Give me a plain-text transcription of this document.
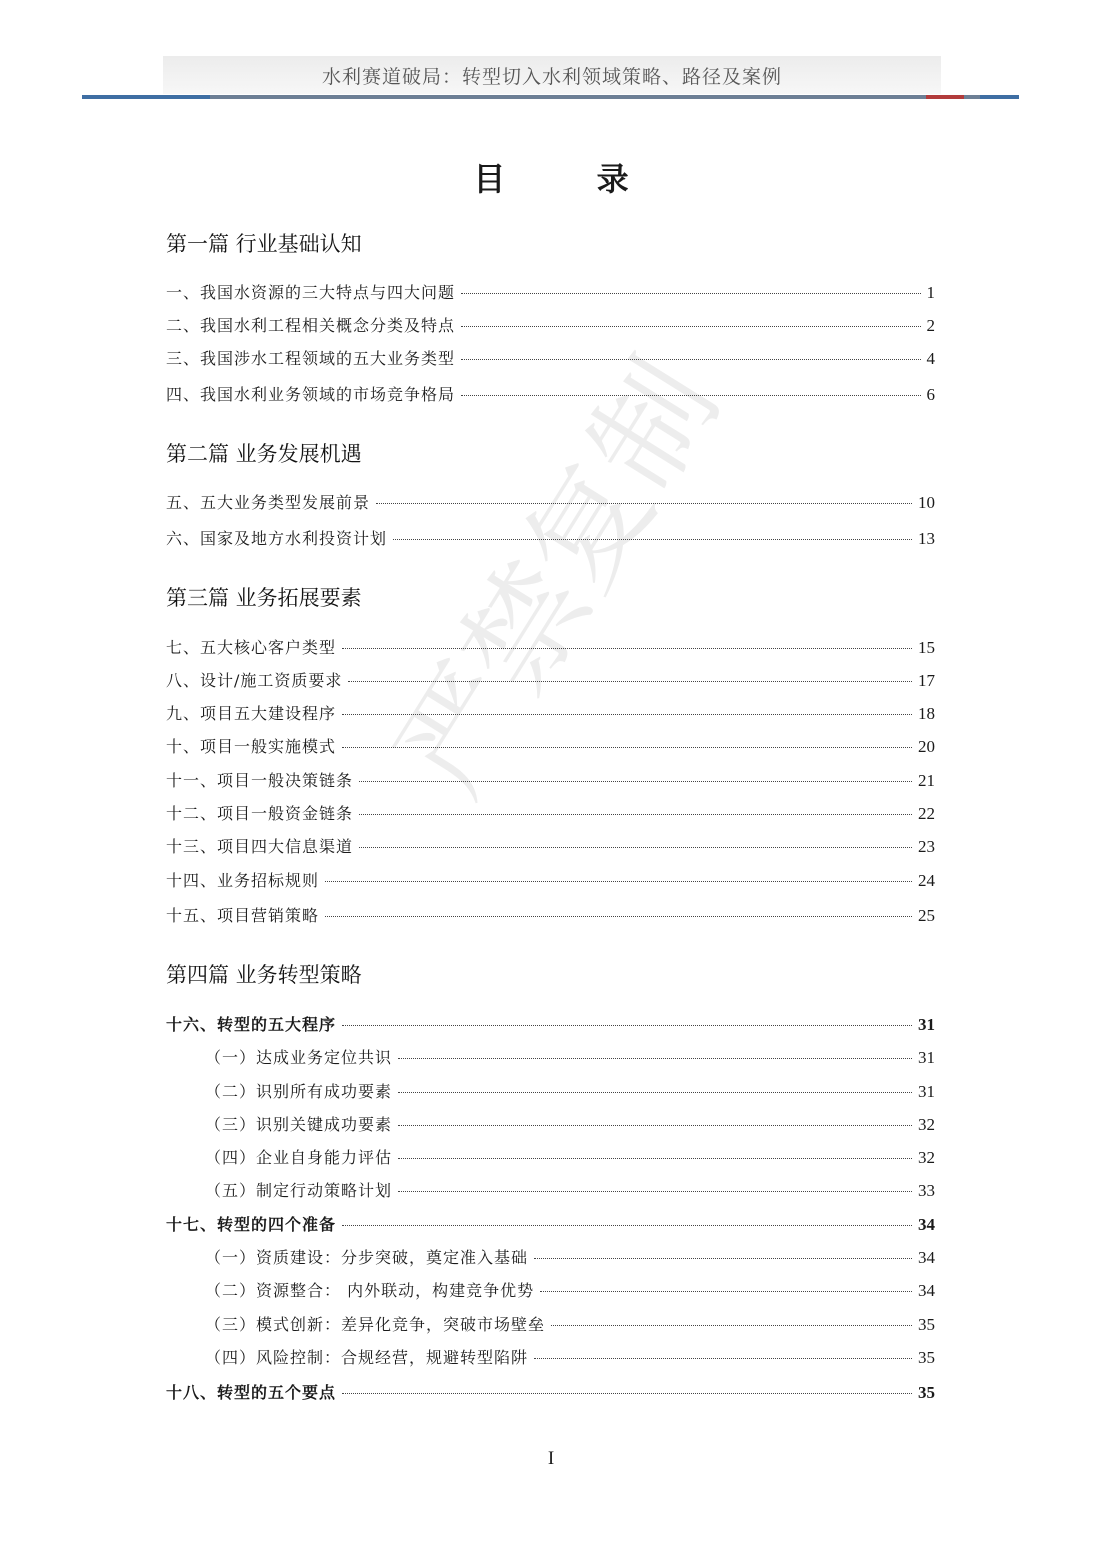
水利赛道破局：转型切入水利领域策略、路径及案例
目 录
严禁复制
第一篇 行业基础认知
一、我国水资源的三大特点与四大问题	1
二、我国水利工程相关概念分类及特点	2
三、我国涉水工程领域的五大业务类型	4
四、我国水利业务领域的市场竞争格局	6
第二篇 业务发展机遇
五、五大业务类型发展前景	10
六、国家及地方水利投资计划	13
第三篇 业务拓展要素
七、五大核心客户类型	15
八、设计/施工资质要求	17
九、项目五大建设程序	18
十、项目一般实施模式	20
十一、项目一般决策链条	21
十二、项目一般资金链条	22
十三、项目四大信息渠道	23
十四、业务招标规则	24
十五、项目营销策略	25
第四篇 业务转型策略
十六、转型的五大程序	31
（一）达成业务定位共识	31
（二）识别所有成功要素	31
（三）识别关键成功要素	32
（四）企业自身能力评估	32
（五）制定行动策略计划	33
十七、转型的四个准备	34
（一）资质建设：分步突破，奠定准入基础	34
（二）资源整合： 内外联动，构建竞争优势	34
（三）模式创新：差异化竞争，突破市场壁垒	35
（四）风险控制：合规经营，规避转型陷阱	35
十八、转型的五个要点	35
I
